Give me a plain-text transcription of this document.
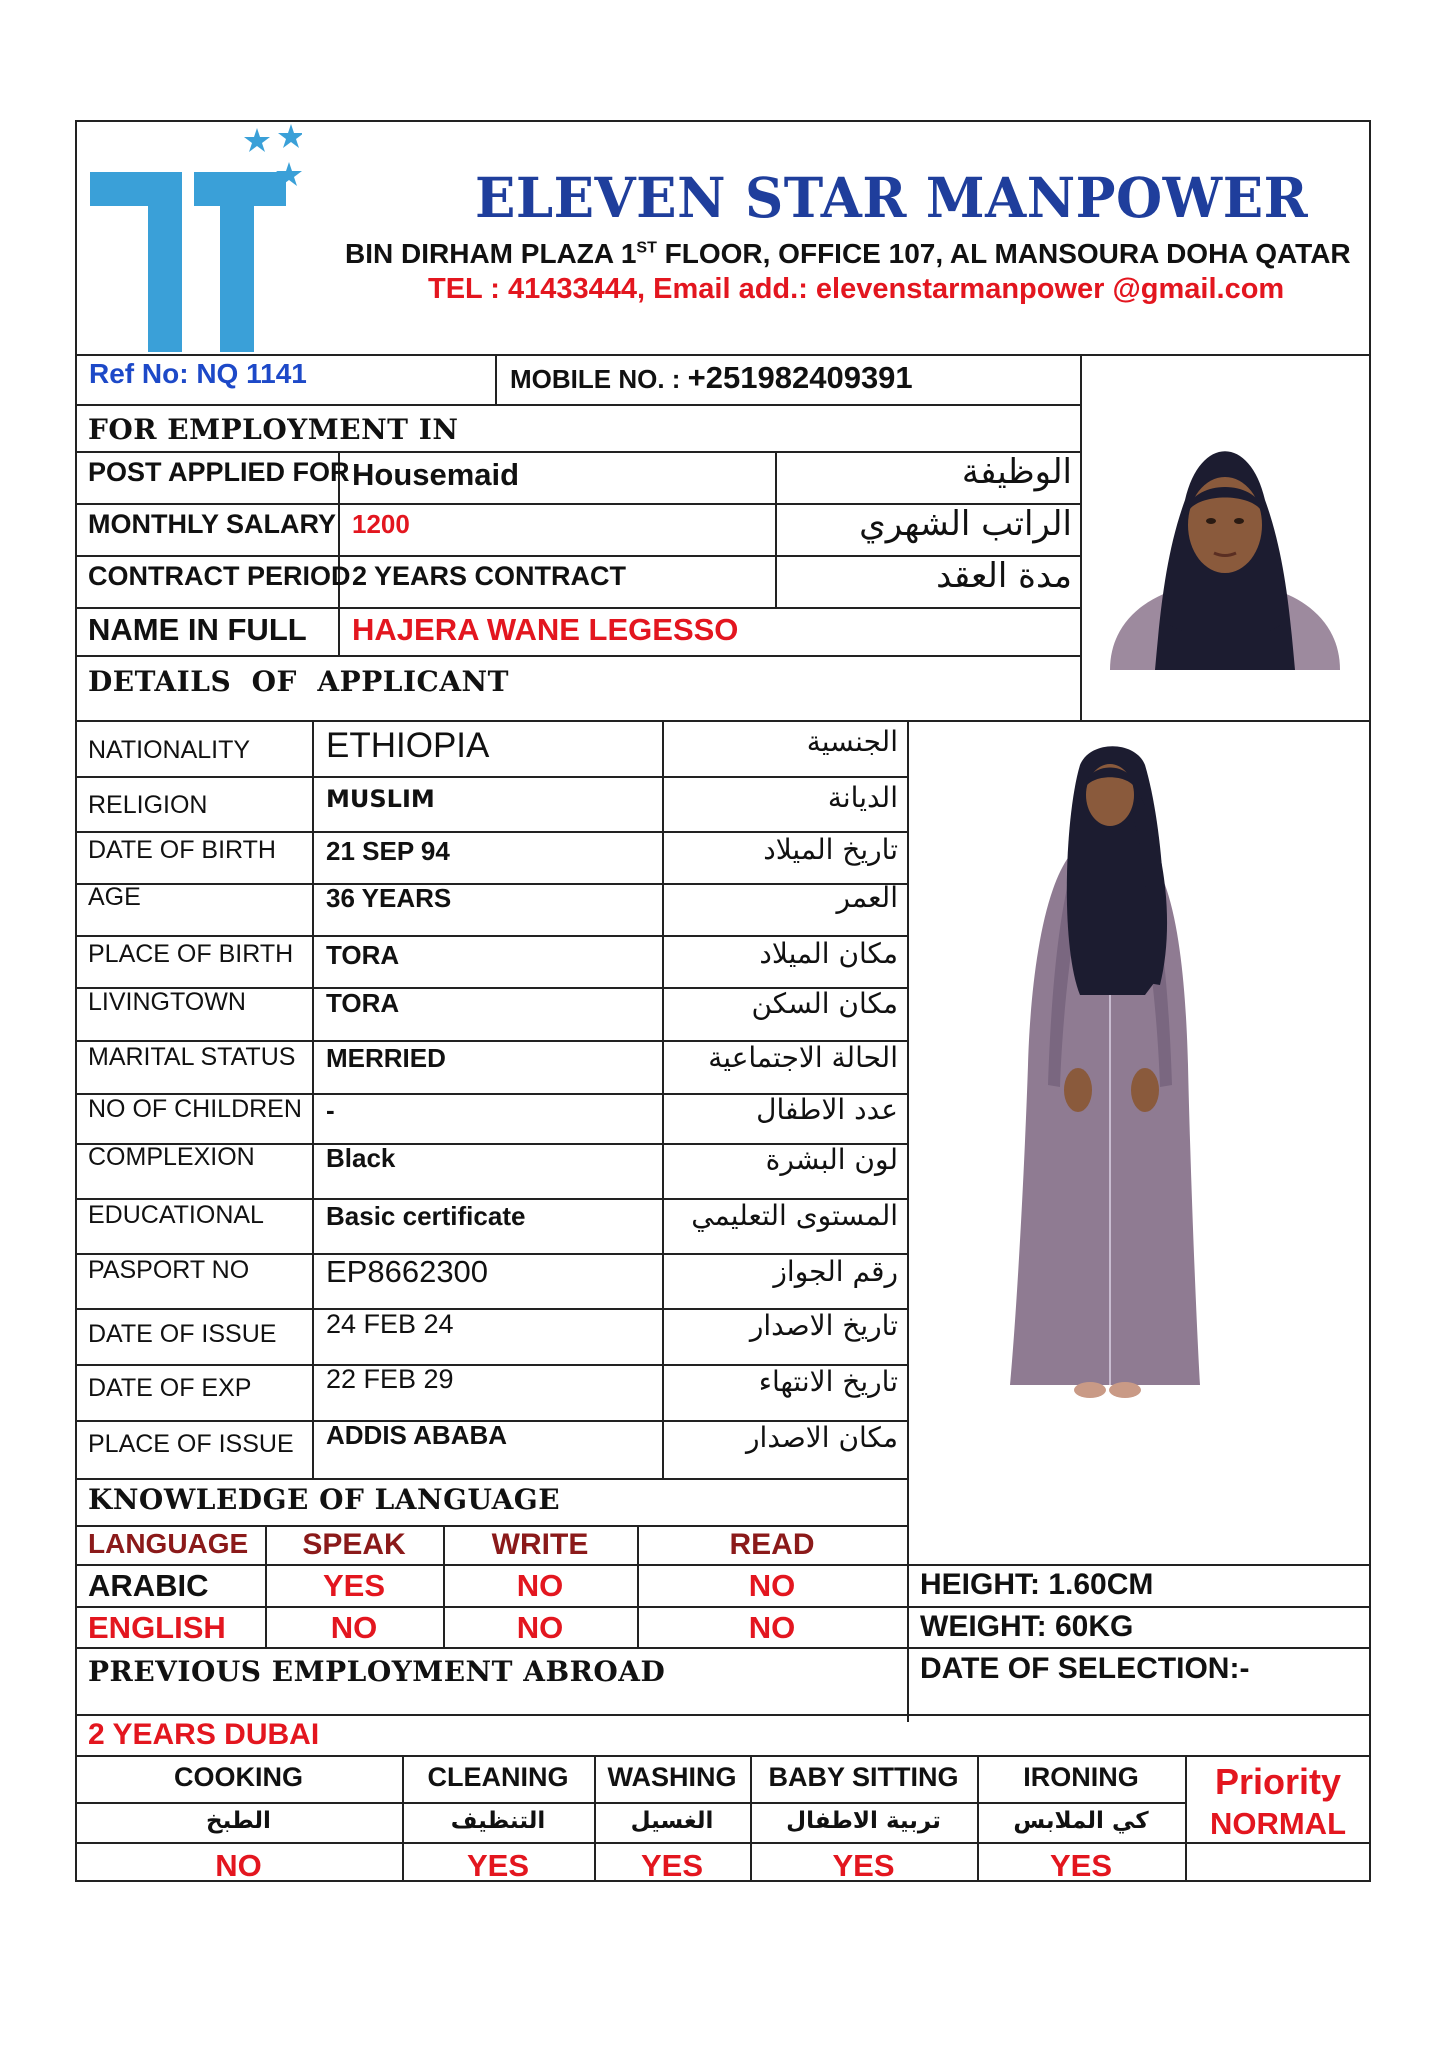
ELEVEN STAR MANPOWER
BIN DIRHAM PLAZA 1ST FLOOR, OFFICE 107, AL MANSOURA DOHA QATAR
TEL : 41433444, Email add.: elevenstarmanpower @gmail.com
Ref No: NQ 1141	MOBILE NO. : +251982409391
FOR EMPLOYMENT IN
POST APPLIED FOR Housemaid	الوظيفة
MONTHLY SALARY 1200	الراتب الشهري
CONTRACT PERIOD 2 YEARS CONTRACT	مدة العقد
NAME IN FULL HAJERA WANE LEGESSO
DETAILS  OF  APPLICANT
NATIONALITY ETHIOPIA	الجنسية
RELIGION	MUSLIM	الديانة
DATE OF BIRTH 21 SEP 94	تاريخ الميلاد
AGE	36 YEARS	العمر
PLACE OF BIRTH TORA	مكان الميلاد
LIVINGTOWN	TORA	مكان السكن
MARITAL STATUS MERRIED	الحالة الاجتماعية
NO OF CHILDREN -	عدد الاطفال
COMPLEXION	Black	لون البشرة
EDUCATIONAL Basic certificate	المستوى التعليمي
PASPORT NO EP8662300	رقم الجواز
DATE OF ISSUE 24 FEB 24	تاريخ الاصدار
DATE OF EXP	22 FEB 29	تاريخ الانتهاء
PLACE OF ISSUE ADDIS ABABA	مكان الاصدار
KNOWLEDGE OF LANGUAGE
LANGUAGE	SPEAK	WRITE	READ
ARABIC	YES	NO	NO
ENGLISH	NO	NO	NO
HEIGHT: 1.60CM
WEIGHT: 60KG
DATE OF SELECTION:-
PREVIOUS EMPLOYMENT ABROAD
2 YEARS DUBAI
COOKING	CLEANING	WASHING	BABY SITTING	IRONING
الطبخ	التنظيف	الغسيل	تربية الاطفال	كي الملابس
NO	YES	YES	YES	YES
Priority
NORMAL
